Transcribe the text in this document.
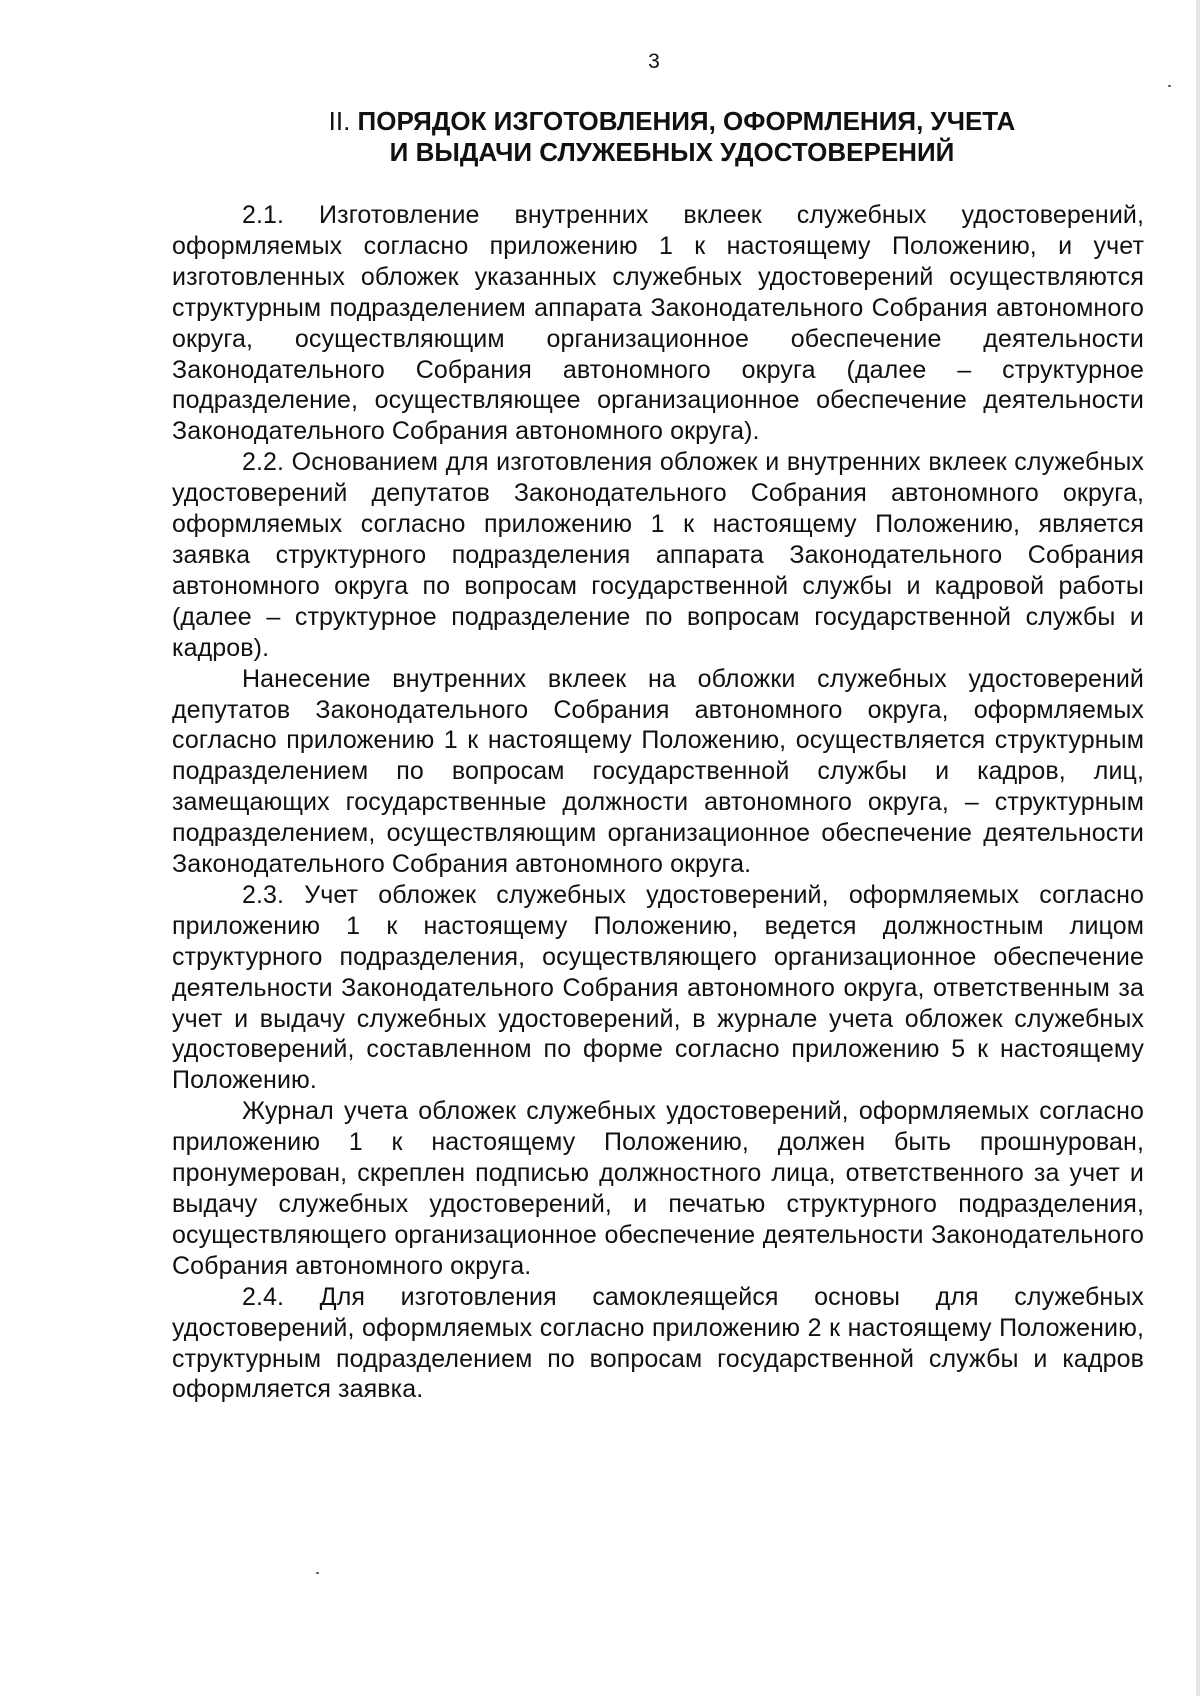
3
II. ПОРЯДОК ИЗГОТОВЛЕНИЯ, ОФОРМЛЕНИЯ, УЧЕТА
И ВЫДАЧИ СЛУЖЕБНЫХ УДОСТОВЕРЕНИЙ

2.1. Изготовление внутренних вклеек служебных удостоверений, оформляемых согласно приложению 1 к настоящему Положению, и учет изготовленных обложек указанных служебных удостоверений осуществляются структурным подразделением аппарата Законодательного Собрания автономного округа, осуществляющим организационное обеспечение деятельности Законодательного Собрания автономного округа (далее – структурное подразделение, осуществляющее организационное обеспечение деятельности Законодательного Собрания автономного округа).

2.2. Основанием для изготовления обложек и внутренних вклеек служебных удостоверений депутатов Законодательного Собрания автономного округа, оформляемых согласно приложению 1 к настоящему Положению, является заявка структурного подразделения аппарата Законодательного Собрания автономного округа по вопросам государственной службы и кадровой работы (далее – структурное подразделение по вопросам государственной службы и кадров).

Нанесение внутренних вклеек на обложки служебных удостоверений депутатов Законодательного Собрания автономного округа, оформляемых согласно приложению 1 к настоящему Положению, осуществляется структурным подразделением по вопросам государственной службы и кадров, лиц, замещающих государственные должности автономного округа, – структурным подразделением, осуществляющим организационное обеспечение деятельности Законодательного Собрания автономного округа.

2.3. Учет обложек служебных удостоверений, оформляемых согласно приложению 1 к настоящему Положению, ведется должностным лицом структурного подразделения, осуществляющего организационное обеспечение деятельности Законодательного Собрания автономного округа, ответственным за учет и выдачу служебных удостоверений, в журнале учета обложек служебных удостоверений, составленном по форме согласно приложению 5 к настоящему Положению.

Журнал учета обложек служебных удостоверений, оформляемых согласно приложению 1 к настоящему Положению, должен быть прошнурован, пронумерован, скреплен подписью должностного лица, ответственного за учет и выдачу служебных удостоверений, и печатью структурного подразделения, осуществляющего организационное обеспечение деятельности Законодательного Собрания автономного округа.

2.4. Для изготовления самоклеящейся основы для служебных удостоверений, оформляемых согласно приложению 2 к настоящему Положению, структурным подразделением по вопросам государственной службы и кадров оформляется заявка.
